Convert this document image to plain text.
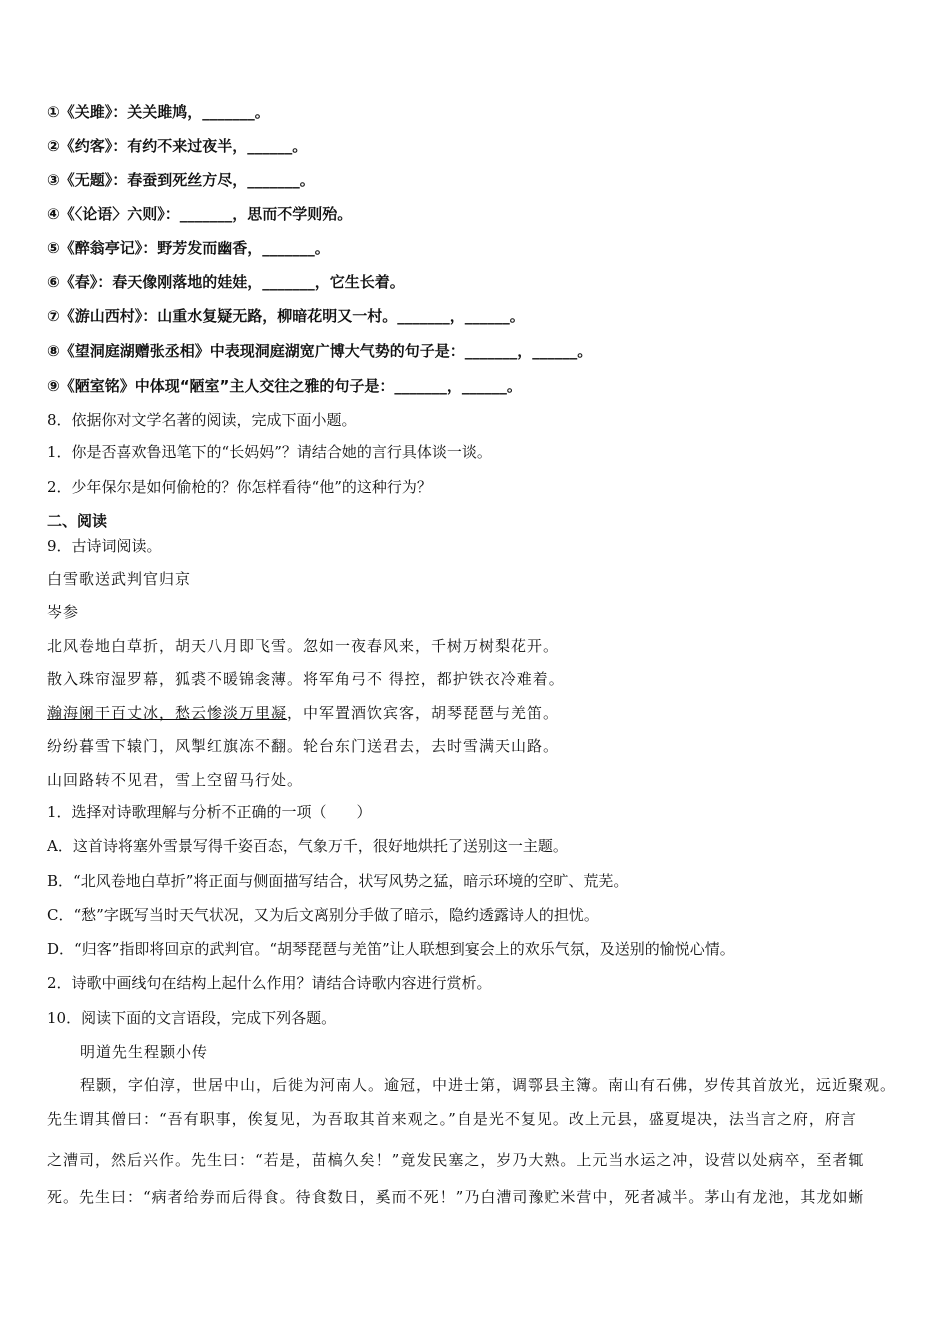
①《关雎》：关关雎鸠，_______。
②《约客》：有约不来过夜半，______。
③《无题》：春蚕到死丝方尽，_______。
④《〈论语〉六则》：_______，思而不学则殆。
⑤《醉翁亭记》：野芳发而幽香，_______。
⑥《春》：春天像刚落地的娃娃，_______，它生长着。
⑦《游山西村》：山重水复疑无路，柳暗花明又一村。_______，______。
⑧《望洞庭湖赠张丞相》中表现洞庭湖宽广博大气势的句子是：_______，______。
⑨《陋室铭》中体现“陋室”主人交往之雅的句子是：_______，______。
8．依据你对文学名著的阅读，完成下面小题。
1．你是否喜欢鲁迅笔下的“长妈妈”？请结合她的言行具体谈一谈。
2．少年保尔是如何偷枪的？你怎样看待“他”的这种行为？
二、阅读
9．古诗词阅读。
白雪歌送武判官归京
岑参
北风卷地白草折，胡天八月即飞雪。忽如一夜春风来，千树万树梨花开。
散入珠帘湿罗幕，狐裘不暖锦衾薄。将军角弓不 得控，都护铁衣冷难着。
瀚海阑干百丈冰，愁云惨淡万里凝，中军置酒饮宾客，胡琴琵琶与羌笛。
纷纷暮雪下辕门，风掣红旗冻不翻。轮台东门送君去，去时雪满天山路。
山回路转不见君，雪上空留马行处。
1．选择对诗歌理解与分析不正确的一项（　　）
A．这首诗将塞外雪景写得千姿百态，气象万千，很好地烘托了送别这一主题。
B．“北风卷地白草折”将正面与侧面描写结合，状写风势之猛，暗示环境的空旷、荒芜。
C．“愁”字既写当时天气状况，又为后文离别分手做了暗示，隐约透露诗人的担忧。
D．“归客”指即将回京的武判官。“胡琴琵琶与羌笛”让人联想到宴会上的欢乐气氛，及送别的愉悦心情。
2．诗歌中画线句在结构上起什么作用？请结合诗歌内容进行赏析。
10．阅读下面的文言语段，完成下列各题。
明道先生程颢小传
程颢，字伯淳，世居中山，后徙为河南人。逾冠，中进士第，调鄠县主簿。南山有石佛，岁传其首放光，远近聚观。
先生谓其僧曰：“吾有职事，俟复见，为吾取其首来观之。”自是光不复见。改上元县，盛夏堤决，法当言之府，府言
之漕司，然后兴作。先生曰：“若是，苗槁久矣！”竟发民塞之，岁乃大熟。上元当水运之冲，设营以处病卒，至者辄
死。先生曰：“病者给券而后得食。待食数日，奚而不死！”乃白漕司豫贮米营中，死者减半。茅山有龙池，其龙如蜥
